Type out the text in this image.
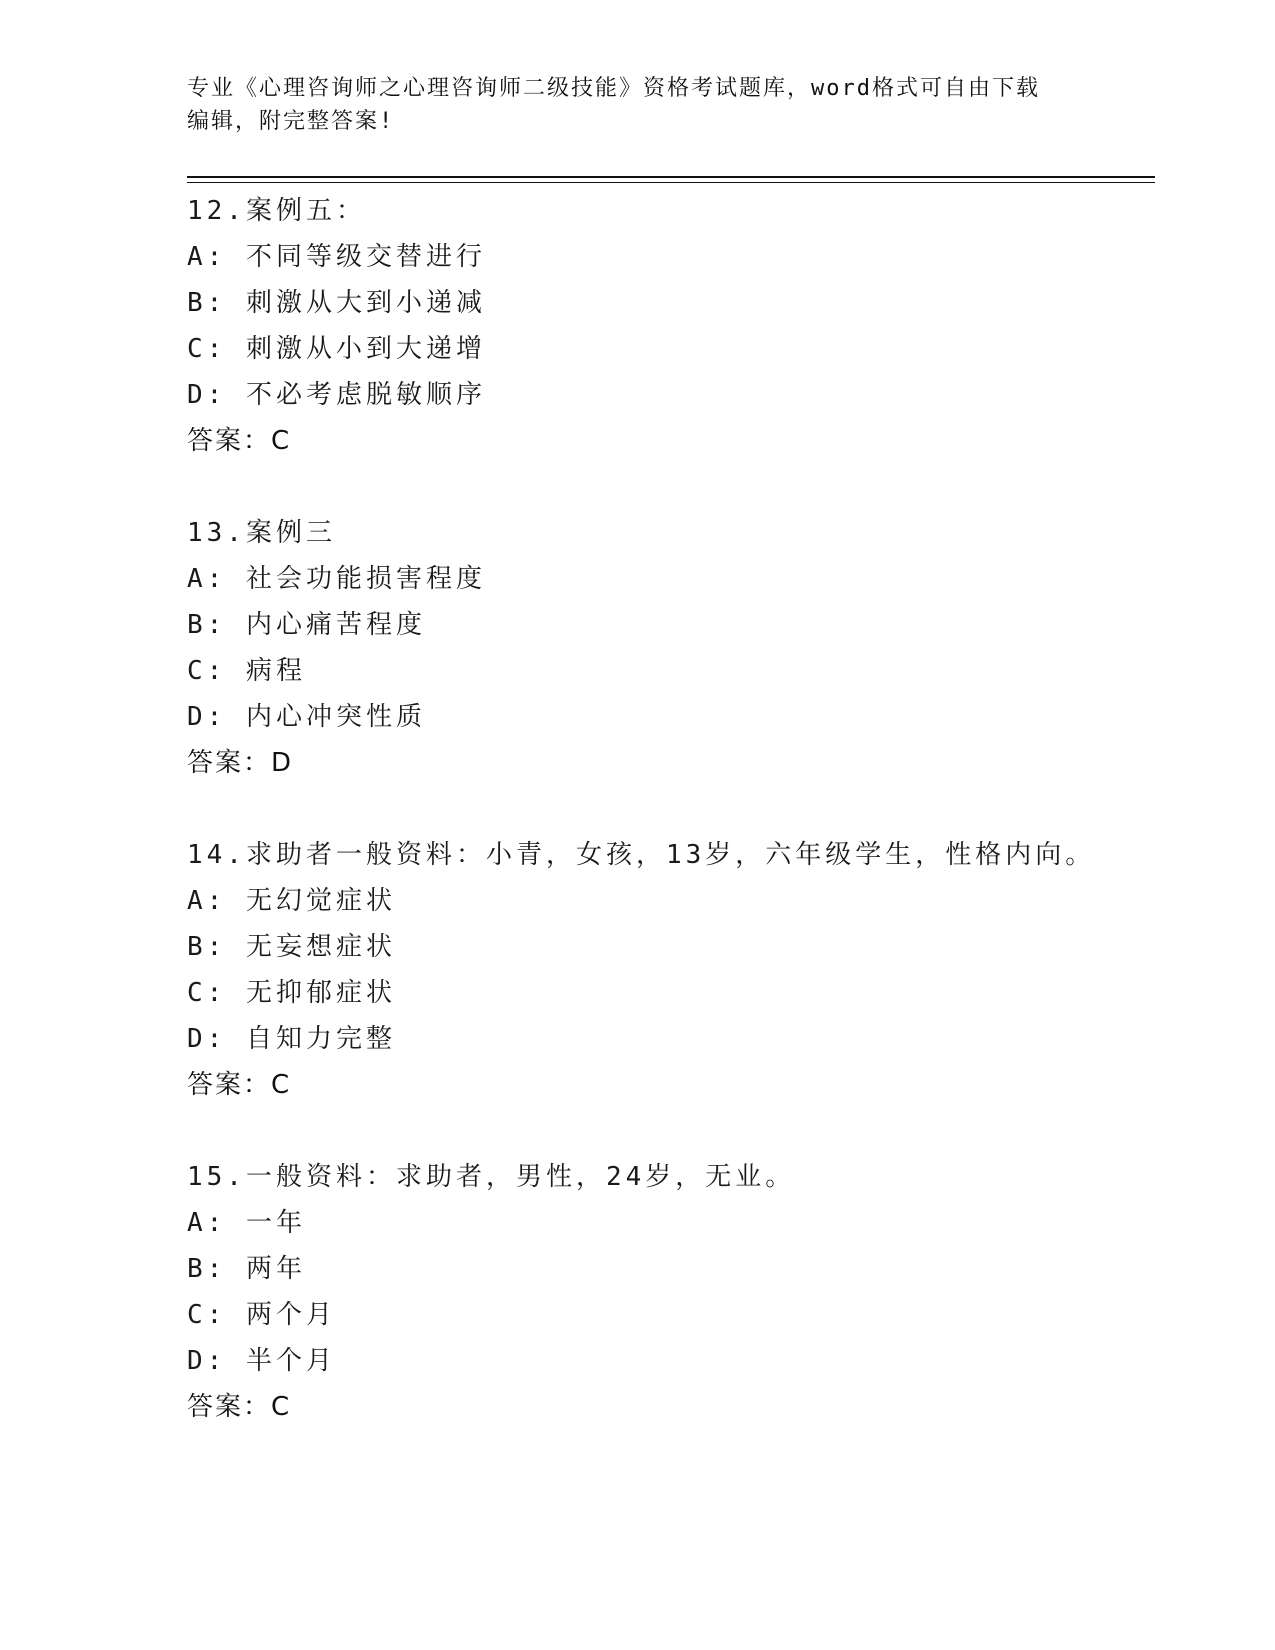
专业《心理咨询师之心理咨询师二级技能》资格考试题库，word格式可自由下载
编辑，附完整答案!
12.案例五：
A: 不同等级交替进行
B: 刺激从大到小递减
C: 刺激从小到大递增
D: 不必考虑脱敏顺序
答案：C
13.案例三
A: 社会功能损害程度
B: 内心痛苦程度
C: 病程
D: 内心冲突性质
答案：D
14.求助者一般资料：小青，女孩，13岁，六年级学生，性格内向。
A: 无幻觉症状
B: 无妄想症状
C: 无抑郁症状
D: 自知力完整
答案：C
15.一般资料：求助者，男性，24岁，无业。
A: 一年
B: 两年
C: 两个月
D: 半个月
答案：C
